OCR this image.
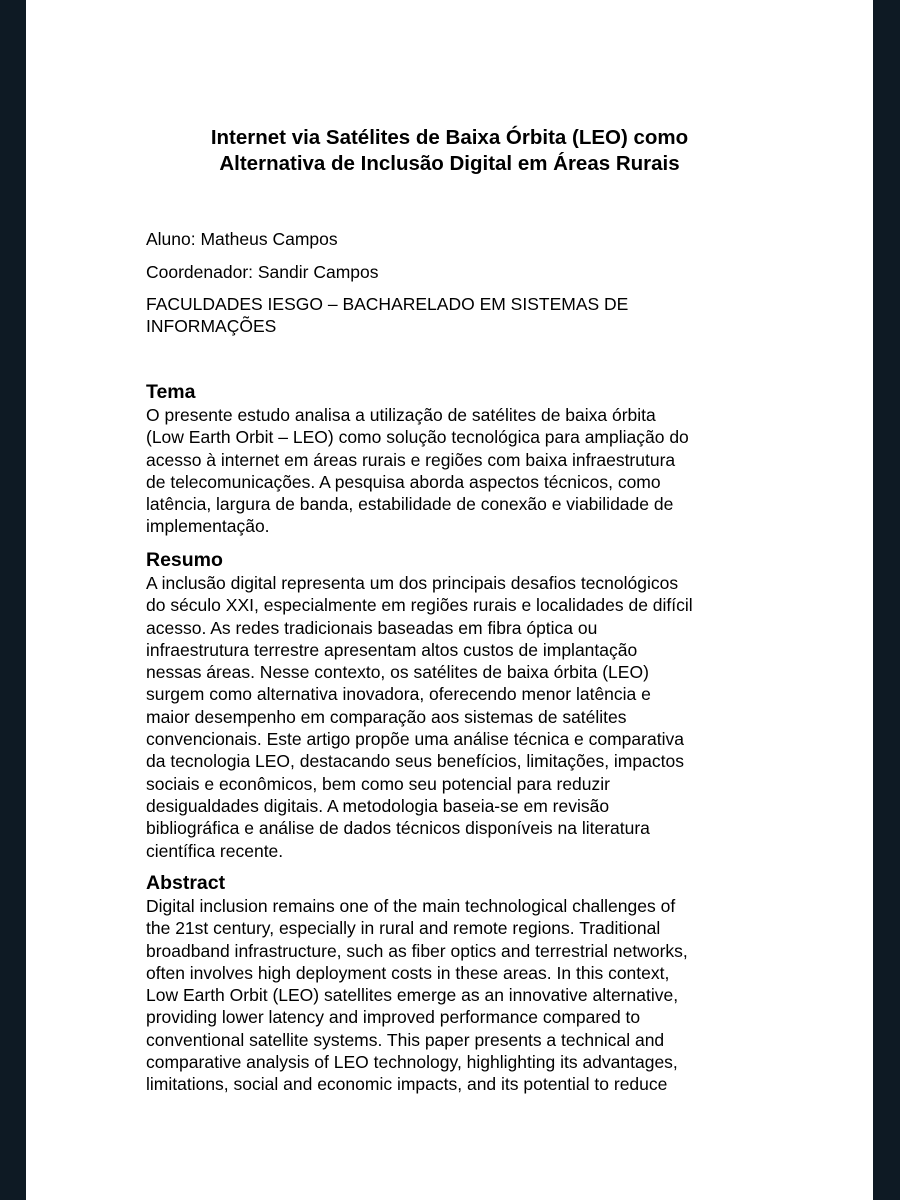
Internet via Satélites de Baixa Órbita (LEO) como
Alternativa de Inclusão Digital em Áreas Rurais
Aluno: Matheus Campos
Coordenador: Sandir Campos
FACULDADES IESGO – BACHARELADO EM SISTEMAS DE
INFORMAÇÕES
Tema
O presente estudo analisa a utilização de satélites de baixa órbita
(Low Earth Orbit – LEO) como solução tecnológica para ampliação do
acesso à internet em áreas rurais e regiões com baixa infraestrutura
de telecomunicações. A pesquisa aborda aspectos técnicos, como
latência, largura de banda, estabilidade de conexão e viabilidade de
implementação.
Resumo
A inclusão digital representa um dos principais desafios tecnológicos
do século XXI, especialmente em regiões rurais e localidades de difícil
acesso. As redes tradicionais baseadas em fibra óptica ou
infraestrutura terrestre apresentam altos custos de implantação
nessas áreas. Nesse contexto, os satélites de baixa órbita (LEO)
surgem como alternativa inovadora, oferecendo menor latência e
maior desempenho em comparação aos sistemas de satélites
convencionais. Este artigo propõe uma análise técnica e comparativa
da tecnologia LEO, destacando seus benefícios, limitações, impactos
sociais e econômicos, bem como seu potencial para reduzir
desigualdades digitais. A metodologia baseia-se em revisão
bibliográfica e análise de dados técnicos disponíveis na literatura
científica recente.
Abstract
Digital inclusion remains one of the main technological challenges of
the 21st century, especially in rural and remote regions. Traditional
broadband infrastructure, such as fiber optics and terrestrial networks,
often involves high deployment costs in these areas. In this context,
Low Earth Orbit (LEO) satellites emerge as an innovative alternative,
providing lower latency and improved performance compared to
conventional satellite systems. This paper presents a technical and
comparative analysis of LEO technology, highlighting its advantages,
limitations, social and economic impacts, and its potential to reduce
